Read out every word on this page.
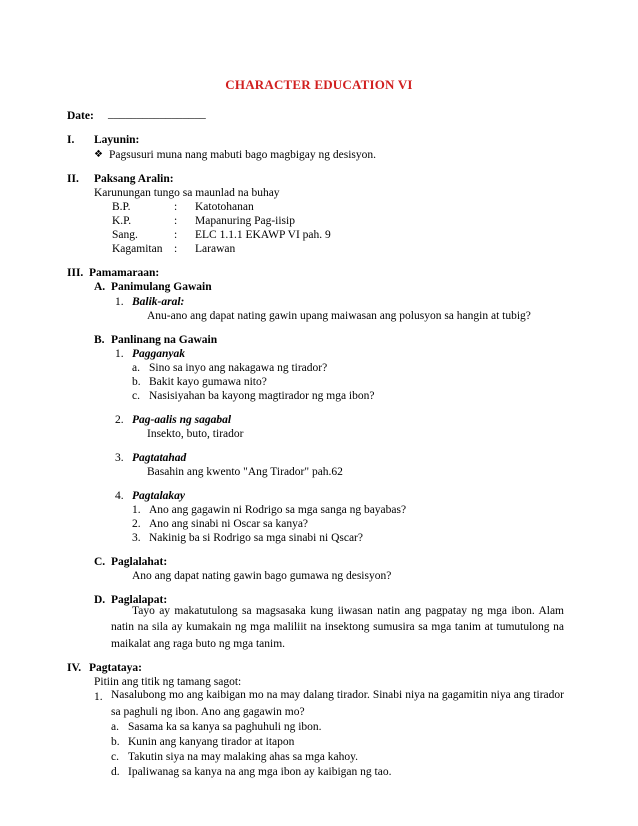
CHARACTER EDUCATION VI
Date: _________________
I. Layunin:
❖ Pagsusuri muna nang mabuti bago magbigay ng desisyon.
II. Paksang Aralin:
Karunungan tungo sa maunlad na buhay
B.P.	: Katotohanan
K.P.	: Mapanuring Pag-iisip
Sang.	: ELC 1.1.1 EKAWP VI pah. 9
Kagamitan : Larawan
III. Pamamaraan:
A. Panimulang Gawain
1. Balik-aral:
Anu-ano ang dapat nating gawin upang maiwasan ang polusyon sa hangin at tubig?
B. Panlinang na Gawain
1. Pagganyak
a. Sino sa inyo ang nakagawa ng tirador?
b. Bakit kayo gumawa nito?
c. Nasisiyahan ba kayong magtirador ng mga ibon?
2. Pag-aalis ng sagabal
Insekto, buto, tirador
3. Pagtatahad
Basahin ang kwento "Ang Tirador" pah.62
4. Pagtalakay
1. Ano ang gagawin ni Rodrigo sa mga sanga ng bayabas?
2. Ano ang sinabi ni Oscar sa kanya?
3. Nakinig ba si Rodrigo sa mga sinabi ni Qscar?
C. Paglalahat:
Ano ang dapat nating gawin bago gumawa ng desisyon?
D. Paglalapat:
Tayo ay makatutulong sa magsasaka kung iiwasan natin ang pagpatay ng mga ibon. Alam
natin na sila ay kumakain ng mga maliliit na insektong sumusira sa mga tanim at tumutulong na
maikalat ang raga buto ng mga tanim.
IV. Pagtataya:
Pitiin ang titik ng tamang sagot:
1. Nasalubong mo ang kaibigan mo na may dalang tirador. Sinabi niya na gagamitin niya ang tirador
sa paghuli ng ibon. Ano ang gagawin mo?
a. Sasama ka sa kanya sa paghuhuli ng ibon.
b. Kunin ang kanyang tirador at itapon
c. Takutin siya na may malaking ahas sa mga kahoy.
d. Ipaliwanag sa kanya na ang mga ibon ay kaibigan ng tao.
